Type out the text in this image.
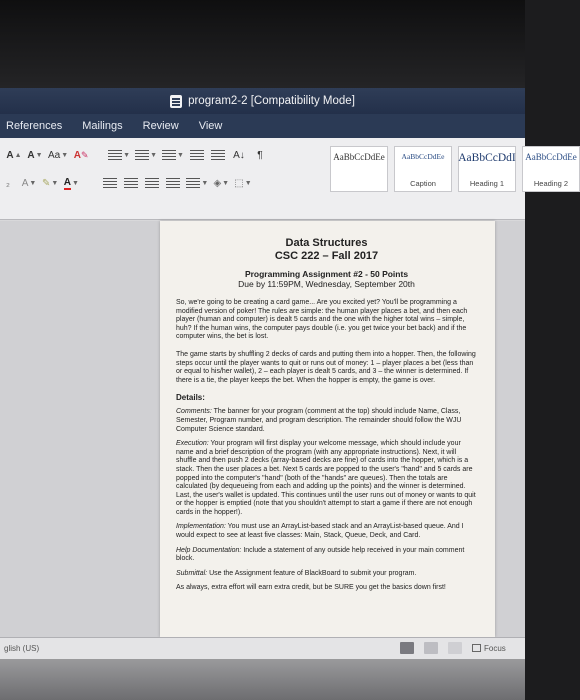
program2-2 [Compatibility Mode]
References Mailings Review View
A ▲ A ▼ Aa ▼ A ✎	▼	▼	▼	A↓	¶
₂	A ▼ ✎ ▼ A ▼	▼ ◈ ▼ ⬚ ▼
AaBbCcDdEe AaBbCcDdEe
Caption
AaBbCcDdI
Heading 1
AaBbCcDdEe
Heading 2
Data Structures
CSC 222 – Fall 2017
Programming Assignment #2 - 50 Points
Due by 11:59PM, Wednesday, September 20th
So, we're going to be creating a card game... Are you excited yet? You'll be programming a modified version of poker! The rules are simple: the human player places a bet, and then each player (human and computer) is dealt 5 cards and the one with the higher total wins – simple, huh? If the human wins, the computer pays double (i.e. you get twice your bet back) and if the computer wins, the bet is lost.
The game starts by shuffling 2 decks of cards and putting them into a hopper. Then, the following steps occur until the player wants to quit or runs out of money: 1 – player places a bet (less than or equal to his/her wallet), 2 – each player is dealt 5 cards, and 3 – the winner is determined. If there is a tie, the player keeps the bet. When the hopper is empty, the game is over.
Details:
Comments: The banner for your program (comment at the top) should include Name, Class, Semester, Program number, and program description. The remainder should follow the WJU Computer Science standard.
Execution: Your program will first display your welcome message, which should include your name and a brief description of the program (with any appropriate instructions). Next, it will shuffle and then push 2 decks (array-based decks are fine) of cards into the hopper, which is a stack. Then the user places a bet. Next 5 cards are popped to the user's "hand" and 5 cards are popped into the computer's "hand" (both of the "hands" are queues). Then the totals are calculated (by dequeueing from each and adding up the points) and the winner is determined. Last, the user's wallet is updated. This continues until the user runs out of money or wants to quit or the hopper is emptied (note that you shouldn't attempt to start a game if there are not enough cards in the hopper!).
Implementation: You must use an ArrayList-based stack and an ArrayList-based queue. And I would expect to see at least five classes: Main, Stack, Queue, Deck, and Card.
Help Documentation: Include a statement of any outside help received in your main comment block.
Submittal: Use the Assignment feature of BlackBoard to submit your program.
As always, extra effort will earn extra credit, but be SURE you get the basics down first!
glish (US)	Focus
